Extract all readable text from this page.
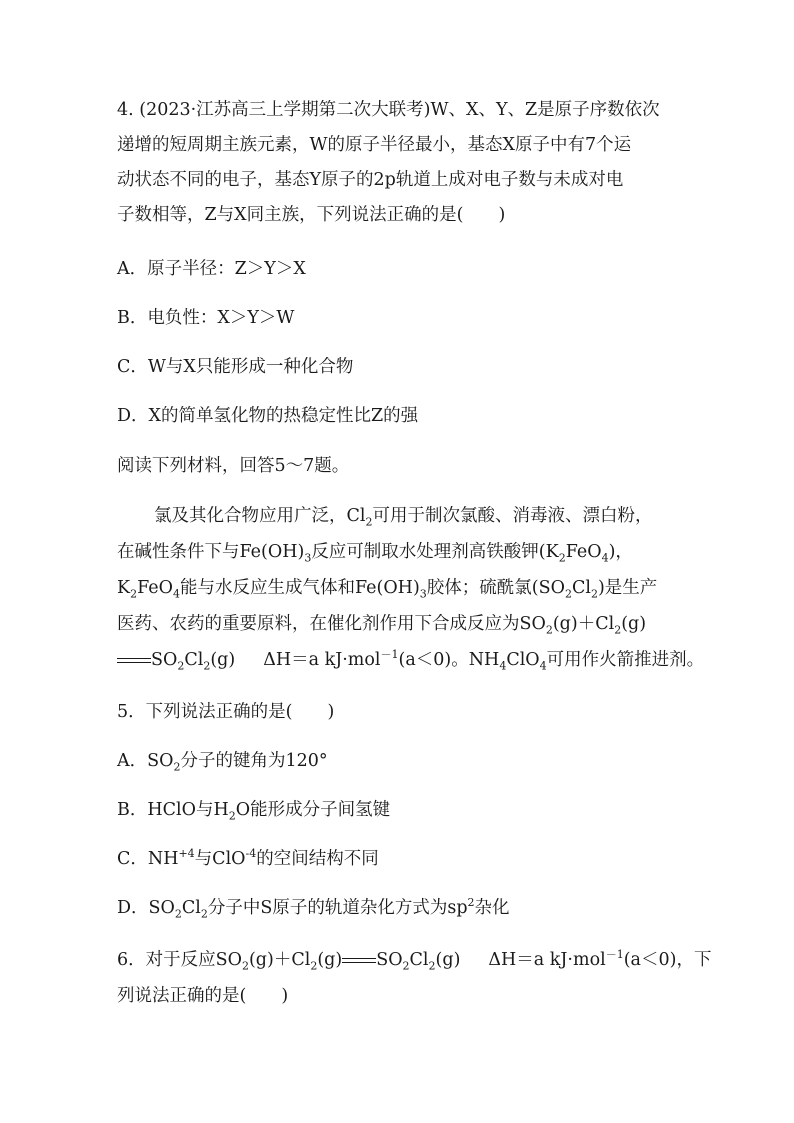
4. (2023·江苏高三上学期第二次大联考)W、X、Y、Z是原子序数依次
递增的短周期主族元素，W的原子半径最小，基态X原子中有7个运
动状态不同的电子，基态Y原子的2p轨道上成对电子数与未成对电
子数相等，Z与X同主族，下列说法正确的是(　　)
A．原子半径：Z＞Y＞X
B．电负性：X＞Y＞W
C．W与X只能形成一种化合物
D．X的简单氢化物的热稳定性比Z的强
阅读下列材料，回答5～7题。
氯及其化合物应用广泛，$Cl_2$可用于制次氯酸、消毒液、漂白粉，
在碱性条件下与$Fe(OH)_3$反应可制取水处理剂高铁酸钾$(K_2FeO_4)$，
$K_2FeO_4$能与水反应生成气体和$Fe(OH)_3$胶体；硫酰氯$(SO_2Cl_2)$是生产
医药、农药的重要原料，在催化剂作用下合成反应为$SO_2(g)+Cl_2(g)$
$SO_2Cl_2(g)$ ΔH＝a kJ·mol$^{-1}$(a＜0)。$NH_4ClO_4$可用作火箭推进剂。
5．下列说法正确的是(　　)
A．$SO_2$分子的键角为120°
B．HClO与$H_2O$能形成分子间氢键
C．$NH^{+4}$与ClO$^{-4}$的空间结构不同
D．$SO_2Cl_2$分子中S原子的轨道杂化方式为$sp^2$杂化
6．对于反应$SO_2(g)+Cl_2(g)$ $SO_2Cl_2(g)$ ΔH＝a kJ·mol$^{-1}$(a＜0)，下
列说法正确的是(　　)
